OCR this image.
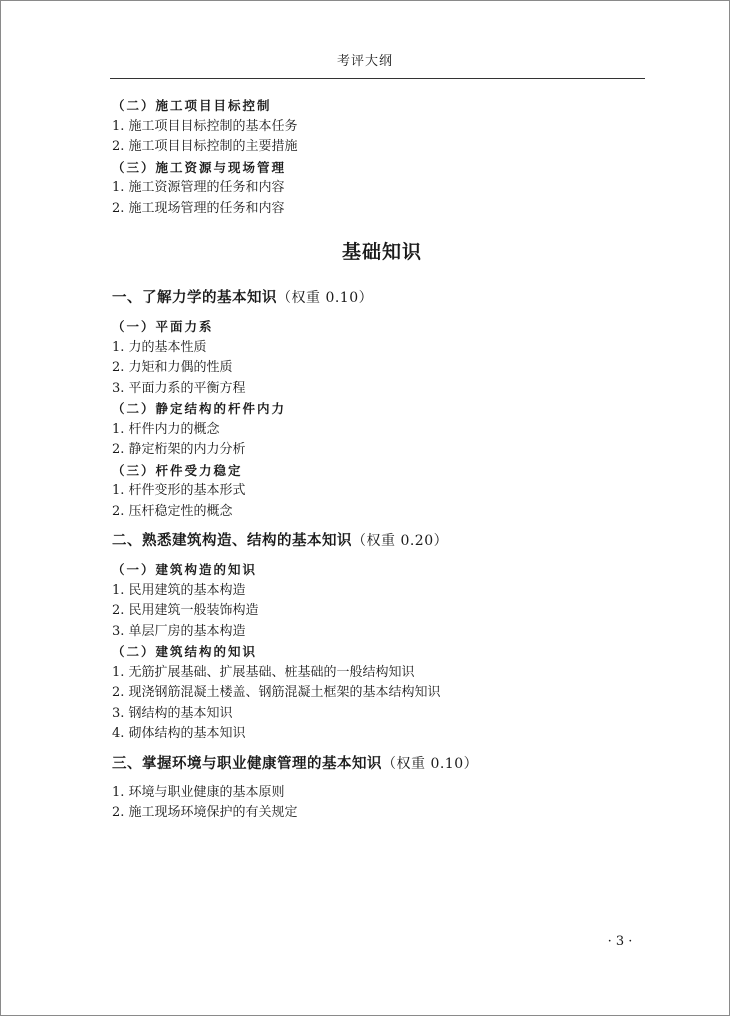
考评大纲
（二）施工项目目标控制
1. 施工项目目标控制的基本任务
2. 施工项目目标控制的主要措施
（三）施工资源与现场管理
1. 施工资源管理的任务和内容
2. 施工现场管理的任务和内容
基础知识
一、了解力学的基本知识（权重 0.10）
（一）平面力系
1. 力的基本性质
2. 力矩和力偶的性质
3. 平面力系的平衡方程
（二）静定结构的杆件内力
1. 杆件内力的概念
2. 静定桁架的内力分析
（三）杆件受力稳定
1. 杆件变形的基本形式
2. 压杆稳定性的概念
二、熟悉建筑构造、结构的基本知识（权重 0.20）
（一）建筑构造的知识
1. 民用建筑的基本构造
2. 民用建筑一般装饰构造
3. 单层厂房的基本构造
（二）建筑结构的知识
1. 无筋扩展基础、扩展基础、桩基础的一般结构知识
2. 现浇钢筋混凝土楼盖、钢筋混凝土框架的基本结构知识
3. 钢结构的基本知识
4. 砌体结构的基本知识
三、掌握环境与职业健康管理的基本知识（权重 0.10）
1. 环境与职业健康的基本原则
2. 施工现场环境保护的有关规定
· 3 ·
